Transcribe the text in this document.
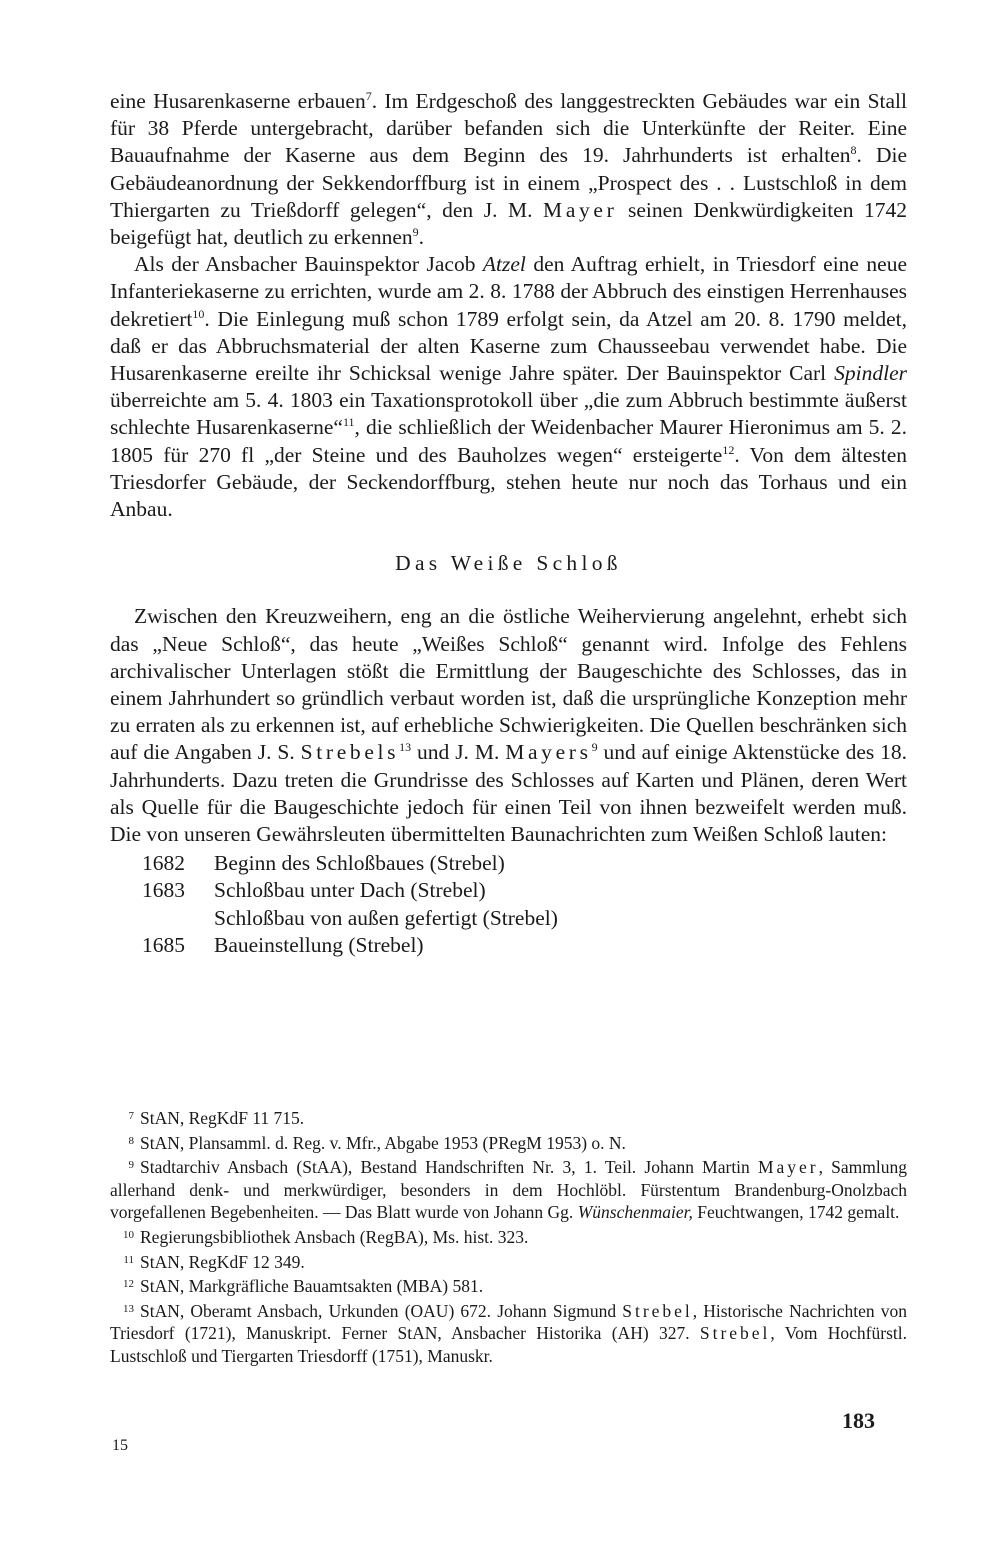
eine Husarenkaserne erbauen$^7$. Im Erdgeschoß des langgestreckten Gebäudes war ein Stall für 38 Pferde untergebracht, darüber befanden sich die Unterkünfte der Reiter. Eine Bauaufnahme der Kaserne aus dem Beginn des 19. Jahrhunderts ist erhalten$^8$. Die Gebäudeanordnung der Sekkendorffburg ist in einem „Prospect des . . Lustschloß in dem Thiergarten zu Trießdorff gelegen“, den J. M. Mayer seinen Denkwürdigkeiten 1742 beigefügt hat, deutlich zu erkennen$^9$.

Als der Ansbacher Bauinspektor Jacob Atzel den Auftrag erhielt, in Triesdorf eine neue Infanteriekaserne zu errichten, wurde am 2. 8. 1788 der Abbruch des einstigen Herrenhauses dekretiert$^{10}$. Die Einlegung muß schon 1789 erfolgt sein, da Atzel am 20. 8. 1790 meldet, daß er das Abbruchsmaterial der alten Kaserne zum Chausseebau verwendet habe. Die Husarenkaserne ereilte ihr Schicksal wenige Jahre später. Der Bauinspektor Carl Spindler überreichte am 5. 4. 1803 ein Taxationsprotokoll über „die zum Abbruch bestimmte äußerst schlechte Husarenkaserne“$^{11}$, die schließlich der Weidenbacher Maurer Hieronimus am 5. 2. 1805 für 270 fl „der Steine und des Bauholzes wegen“ ersteigerte$^{12}$. Von dem ältesten Triesdorfer Gebäude, der Seckendorffburg, stehen heute nur noch das Torhaus und ein Anbau.

Das Weiße Schloß

Zwischen den Kreuzweihern, eng an die östliche Weihervierung angelehnt, erhebt sich das „Neue Schloß“, das heute „Weißes Schloß“ genannt wird. Infolge des Fehlens archivalischer Unterlagen stößt die Ermittlung der Baugeschichte des Schlosses, das in einem Jahrhundert so gründlich verbaut worden ist, daß die ursprüngliche Konzeption mehr zu erraten als zu erkennen ist, auf erhebliche Schwierigkeiten. Die Quellen beschränken sich auf die Angaben J. S. Strebels$^{13}$ und J. M. Mayers$^9$ und auf einige Aktenstücke des 18. Jahrhunderts. Dazu treten die Grundrisse des Schlosses auf Karten und Plänen, deren Wert als Quelle für die Baugeschichte jedoch für einen Teil von ihnen bezweifelt werden muß. Die von unseren Gewährsleuten übermittelten Baunachrichten zum Weißen Schloß lauten:

1682	Beginn des Schloßbaues (Strebel)
1683	Schloßbau unter Dach (Strebel)
Schloßbau von außen gefertigt (Strebel)
1685	Baueinstellung (Strebel)

7 StAN, RegKdF 11 715.

8 StAN, Plansamml. d. Reg. v. Mfr., Abgabe 1953 (PRegM 1953) o. N.

9 Stadtarchiv Ansbach (StAA), Bestand Handschriften Nr. 3, 1. Teil. Johann Martin Mayer, Sammlung allerhand denk- und merkwürdiger, besonders in dem Hochlöbl. Fürstentum Brandenburg-Onolzbach vorgefallenen Begebenheiten. — Das Blatt wurde von Johann Gg. Wünschenmaier, Feuchtwangen, 1742 gemalt.

10 Regierungsbibliothek Ansbach (RegBA), Ms. hist. 323.

11 StAN, RegKdF 12 349.

12 StAN, Markgräfliche Bauamtsakten (MBA) 581.

13 StAN, Oberamt Ansbach, Urkunden (OAU) 672. Johann Sigmund Strebel, Historische Nachrichten von Triesdorf (1721), Manuskript. Ferner StAN, Ansbacher Historika (AH) 327. Strebel, Vom Hochfürstl. Lustschloß und Tiergarten Triesdorff (1751), Manuskr.

183
15
